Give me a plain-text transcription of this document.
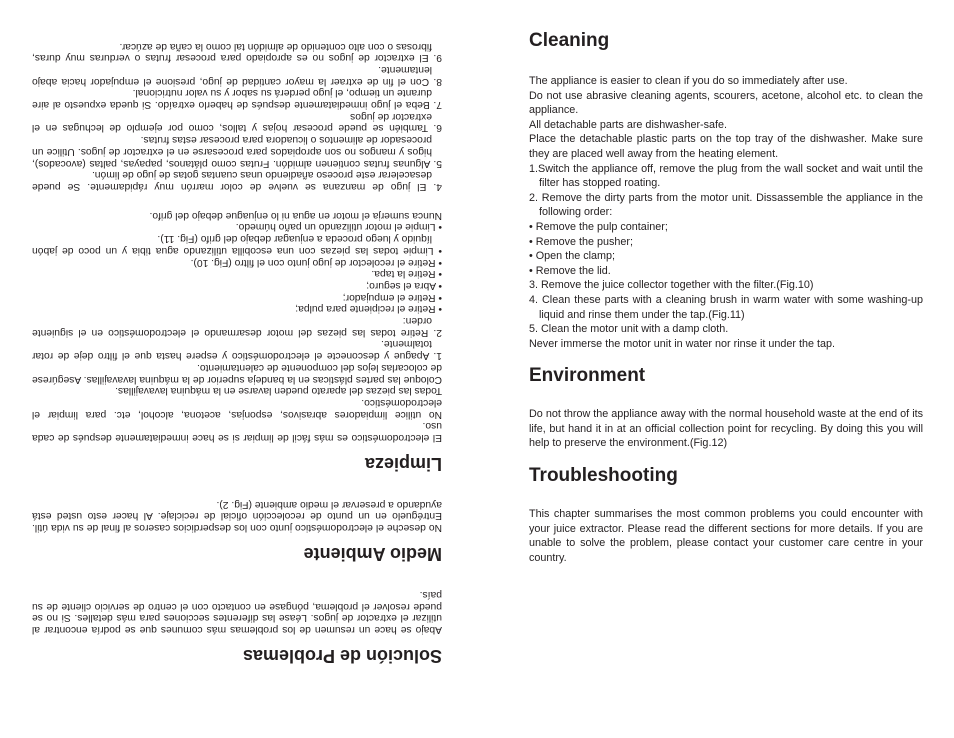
Solución de Problemas

Abajo se hace un resumen de los problemas más comunes que se podría encontrar al utilizar el extractor de jugos. Léase las diferentes secciones para más detalles. Si no se puede resolver el problema, póngase en contacto con el centro de servicio cliente de su país.

Medio Ambiente

No deseche el electrodoméstico junto con los desperdicios caseros al final de su vida útil. Entréguelo en un punto de recolección oficial de reciclaje. Al hacer esto usted está ayudando a preservar el medio ambiente (Fig. 2).

Limpieza

El electrodoméstico es más fácil de limpiar si se hace inmediatamente después de cada uso.

No utilice limpiadores abrasivos, esponjas, acetona, alcohol, etc. para limpiar el electrodoméstico.

Todas las piezas del aparato pueden lavarse en la máquina lavavajillas.

Coloque las partes plásticas en la bandeja superior de la máquina lavavajillas. Asegúrese de colocarlas lejos del componente de calentamiento.

1. Apague y desconecte el electrodoméstico y espere hasta que el filtro deje de rotar totalmente.

2. Retire todas las piezas del motor desarmando el electrodoméstico en el siguiente orden:

• Retire el recipiente para pulpa;

• Retire el empujador;

• Abra el seguro;

• Retire la tapa.

• Retire el recolector de jugo junto con el filtro (Fig. 10).

• Limpie todas las piezas con una escobilla utilizando agua tibia y un poco de jabón líquido y luego proceda a enjuagar debajo del grifo (Fig. 11).

• Limpie el motor utilizando un paño húmedo.

Nunca sumerja el motor en agua ni lo enjuague debajo del grifo.

4. El jugo de manzana se vuelve de color marrón muy rápidamente. Se puede desacelerar este proceso añadiendo unas cuantas gotas de jugo de limón.

5. Algunas frutas contienen almidón. Frutas como plátanos, papayas, paltas (avocados), higos y mangos no son apropiados para procesarse en el extractor de jugos. Utilice un procesador de alimentos o licuadora para procesar estas frutas.

6. También se puede procesar hojas y tallos, como por ejemplo de lechugas en el extractor de jugos

7. Beba el jugo inmediatamente después de haberlo extraído. Si queda expuesto al aire durante un tiempo, el jugo perderá su sabor y su valor nutricional.

8. Con el fin de extraer la mayor cantidad de jugo, presione el empujador hacia abajo lentamente.

9. El extractor de jugos no es apropiado para procesar frutas o verduras muy duras, fibrosas o con alto contenido de almidón tal como la caña de azúcar.	Cleaning

The appliance is easier to clean if you do so immediately after use.

Do not use abrasive cleaning agents, scourers, acetone, alcohol etc. to clean the appliance.

All detachable parts are dishwasher-safe.

Place the detachable plastic parts on the top tray of the dishwasher. Make sure they are placed well away from the heating element.

1.Switch the appliance off, remove the plug from the wall socket and wait until the filter has stopped roating.

2. Remove the dirty parts from the motor unit. Dissassemble the appliance in the following order:

• Remove the pulp container;

• Remove the pusher;

• Open the clamp;

• Remove the lid.

3. Remove the juice collector together with the filter.(Fig.10)

4. Clean these parts with a cleaning brush in warm water with some washing-up liquid and rinse them under the tap.(Fig.11)

5. Clean the motor unit with a damp cloth.

Never immerse the motor unit in water nor rinse it under the tap.

Environment

Do not throw the appliance away with the normal household waste at the end of its life, but hand it in at an official collection point for recycling. By doing this you will help to preserve the environment.(Fig.12)

Troubleshooting

This chapter summarises the most common problems you could encounter with your juice extractor. Please read the different sections for more details. If you are unable to solve the problem, please contact your customer care centre in your country.
